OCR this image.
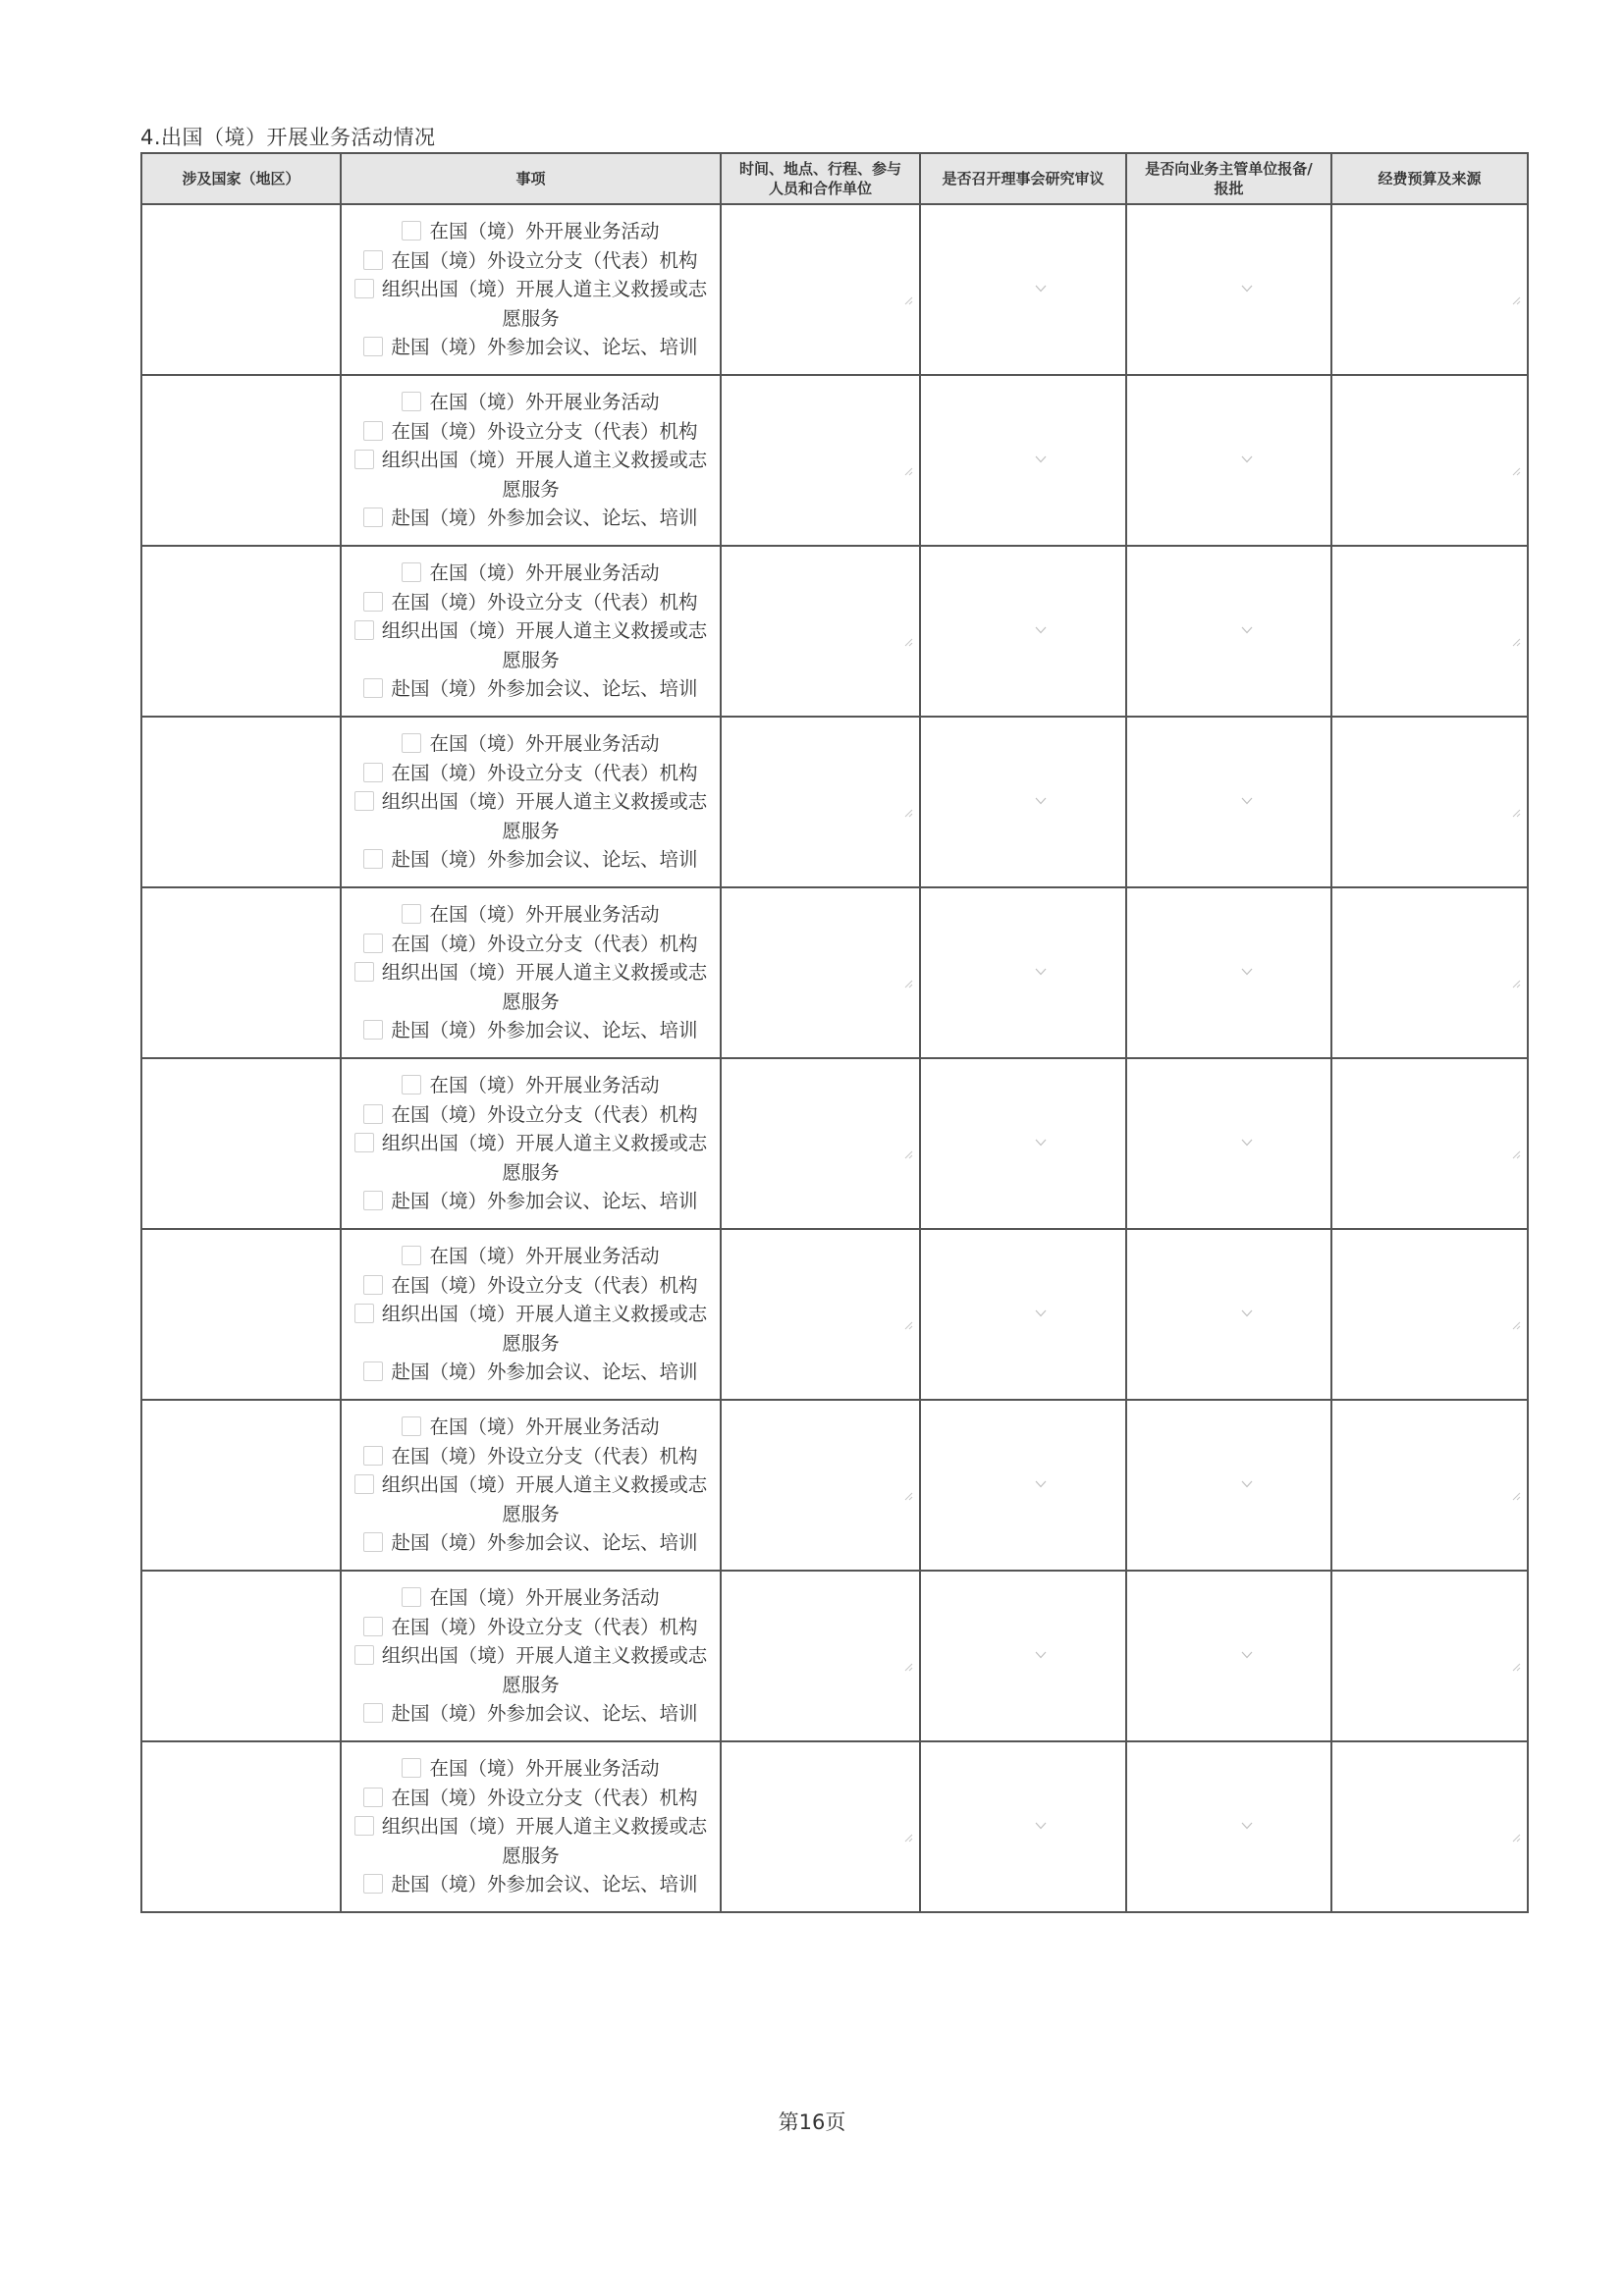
4.出国（境）开展业务活动情况
涉及国家（地区）	事项	时间、地点、行程、参与
人员和合作单位	是否召开理事会研究审议	是否向业务主管单位报备/
报批	经费预算及来源

	在国（境）外开展业务活动
在国（境）外设立分支（代表）机构
组织出国（境）开展人道主义救援或志
愿服务
赴国（境）外参加会议、论坛、培训

	在国（境）外开展业务活动
在国（境）外设立分支（代表）机构
组织出国（境）开展人道主义救援或志
愿服务
赴国（境）外参加会议、论坛、培训

	在国（境）外开展业务活动
在国（境）外设立分支（代表）机构
组织出国（境）开展人道主义救援或志
愿服务
赴国（境）外参加会议、论坛、培训

	在国（境）外开展业务活动
在国（境）外设立分支（代表）机构
组织出国（境）开展人道主义救援或志
愿服务
赴国（境）外参加会议、论坛、培训

	在国（境）外开展业务活动
在国（境）外设立分支（代表）机构
组织出国（境）开展人道主义救援或志
愿服务
赴国（境）外参加会议、论坛、培训

	在国（境）外开展业务活动
在国（境）外设立分支（代表）机构
组织出国（境）开展人道主义救援或志
愿服务
赴国（境）外参加会议、论坛、培训

	在国（境）外开展业务活动
在国（境）外设立分支（代表）机构
组织出国（境）开展人道主义救援或志
愿服务
赴国（境）外参加会议、论坛、培训

	在国（境）外开展业务活动
在国（境）外设立分支（代表）机构
组织出国（境）开展人道主义救援或志
愿服务
赴国（境）外参加会议、论坛、培训

	在国（境）外开展业务活动
在国（境）外设立分支（代表）机构
组织出国（境）开展人道主义救援或志
愿服务
赴国（境）外参加会议、论坛、培训

	在国（境）外开展业务活动
在国（境）外设立分支（代表）机构
组织出国（境）开展人道主义救援或志
愿服务
赴国（境）外参加会议、论坛、培训

第16页
